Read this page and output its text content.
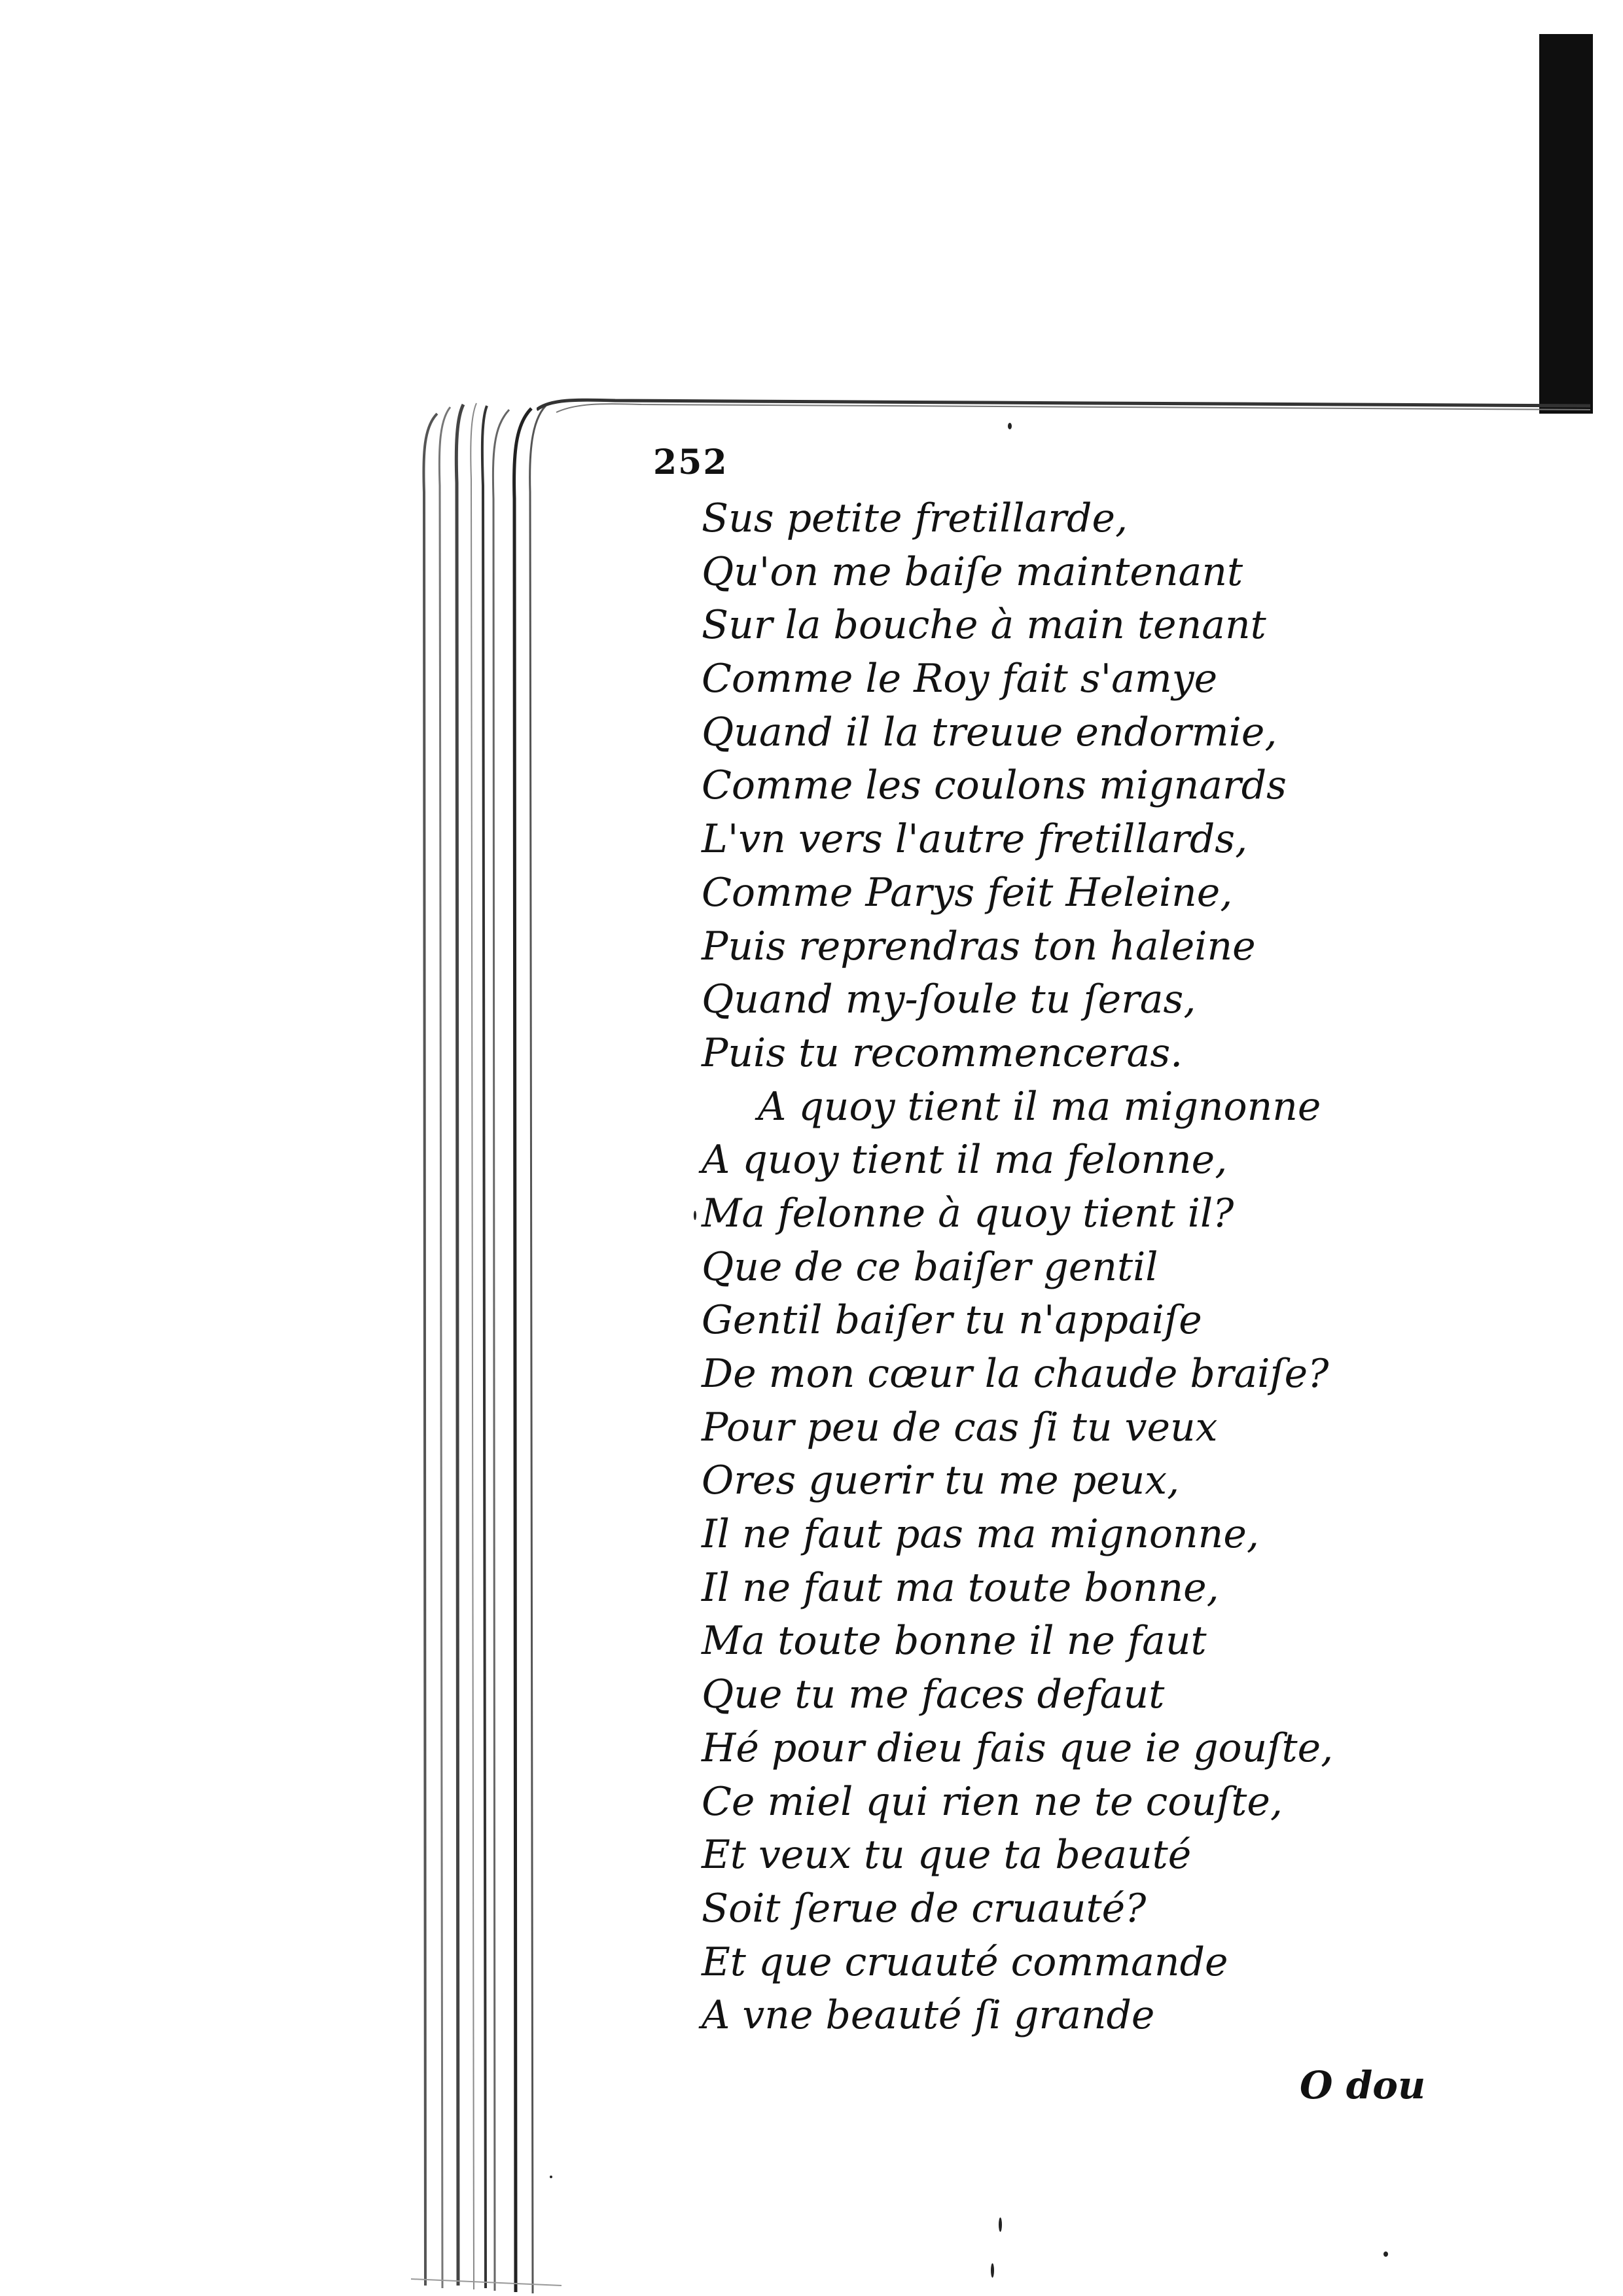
252
Sus petite fretillarde,
Qu'on me baiſe maintenant
Sur la bouche à main tenant
Comme le Roy fait s'amye
Quand il la treuue endormie,
Comme les coulons mignards
L'vn vers l'autre fretillards,
Comme Parys feit Heleine,
Puis reprendras ton haleine
Quand my-ſoule tu ſeras,
Puis tu recommenceras.
A quoy tient il ma mignonne
A quoy tient il ma felonne,
Ma felonne à quoy tient il?
Que de ce baiſer gentil
Gentil baiſer tu n'appaiſe
De mon cœur la chaude braiſe?
Pour peu de cas ſi tu veux
Ores guerir tu me peux,
Il ne faut pas ma mignonne,
Il ne faut ma toute bonne,
Ma toute bonne il ne faut
Que tu me faces defaut
Hé pour dieu fais que ie gouſte,
Ce miel qui rien ne te couſte,
Et veux tu que ta beauté
Soit ſerue de cruauté?
Et que cruauté commande
A vne beauté ſi grande
O dou
